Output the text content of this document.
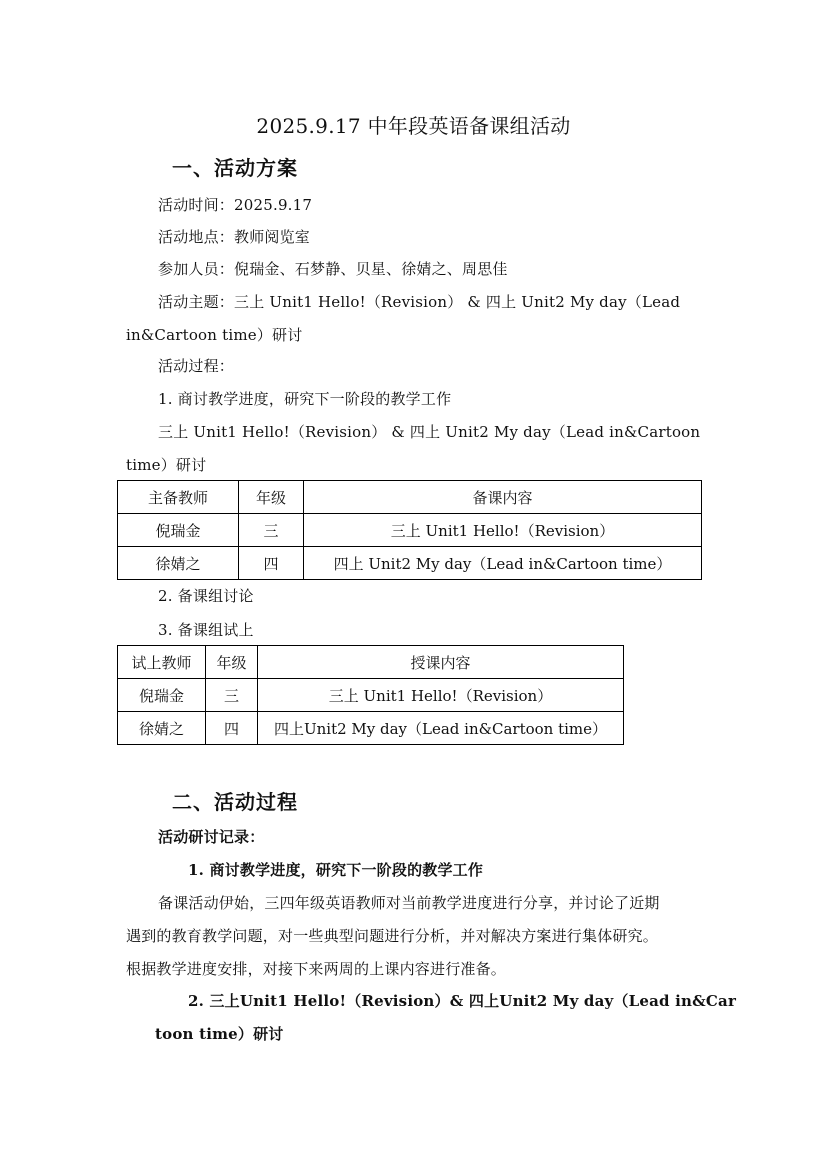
2025.9.17 中年段英语备课组活动
一、活动方案
活动时间：2025.9.17
活动地点：教师阅览室
参加人员：倪瑞金、石梦静、贝星、徐婧之、周思佳
活动主题：三上 Unit1 Hello!（Revision） & 四上 Unit2 My day（Lead
in&Cartoon time）研讨
活动过程：
1. 商讨教学进度，研究下一阶段的教学工作
三上 Unit1 Hello!（Revision） & 四上 Unit2 My day（Lead in&Cartoon
time）研讨
主备教师	年级	备课内容
倪瑞金	三	三上 Unit1 Hello!（Revision）
徐婧之	四	四上 Unit2 My day（Lead in&Cartoon time）
2. 备课组讨论
3. 备课组试上
试上教师	年级	授课内容
倪瑞金	三	三上 Unit1 Hello!（Revision）
徐婧之	四	四上Unit2 My day（Lead in&Cartoon time）
二、活动过程
活动研讨记录：
1. 商讨教学进度，研究下一阶段的教学工作
备课活动伊始，三四年级英语教师对当前教学进度进行分享，并讨论了近期
遇到的教育教学问题，对一些典型问题进行分析，并对解决方案进行集体研究。
根据教学进度安排，对接下来两周的上课内容进行准备。
2. 三上Unit1 Hello!（Revision）& 四上Unit2 My day（Lead in&Car
toon time）研讨
